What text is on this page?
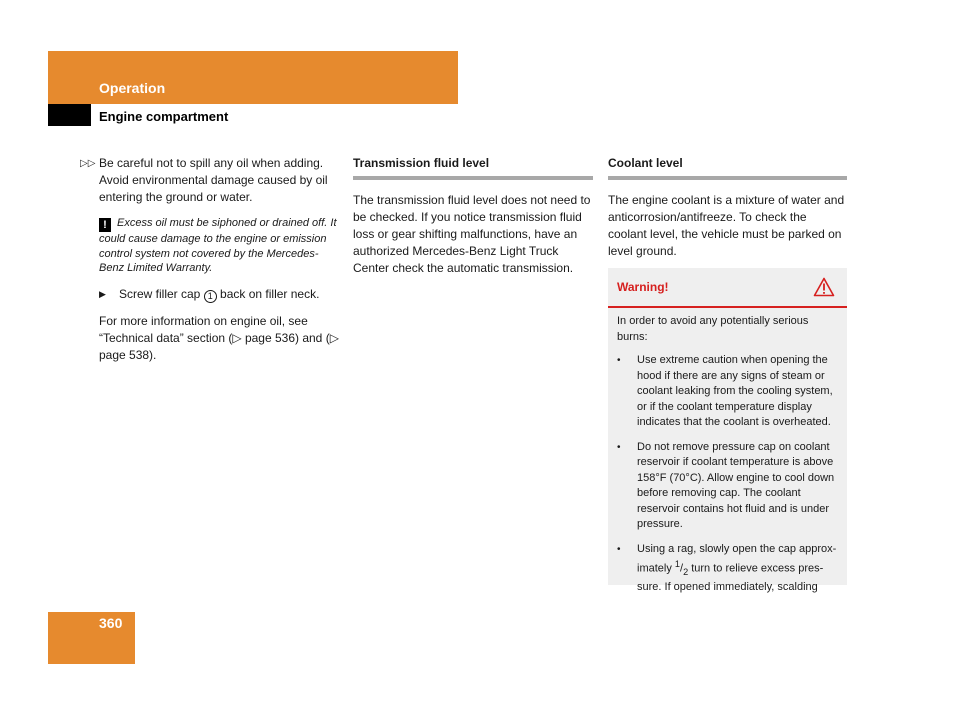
Operation
Engine compartment
▷▷ Be careful not to spill any oil when adding. Avoid environmental damage caused by oil entering the ground or water.
! Excess oil must be siphoned or drained off. It could cause damage to the engine or emission control system not covered by the Mercedes-Benz Limited Warranty.
▶	Screw filler cap 1 back on filler neck.
For more information on engine oil, see “Technical data” section (▷ page 536) and (▷ page 538).
Transmission fluid level
The transmission fluid level does not need to be checked. If you notice transmission fluid loss or gear shifting malfunctions, have an authorized Mercedes-Benz Light Truck Center check the automatic transmission.
Coolant level
The engine coolant is a mixture of water and anticorrosion/antifreeze. To check the coolant level, the vehicle must be parked on level ground.
Warning!
In order to avoid any potentially serious burns:
•	Use extreme caution when opening the hood if there are any signs of steam or coolant leaking from the cooling system, or if the coolant temperature display indicates that the coolant is overheated.
•	Do not remove pressure cap on coolant reservoir if coolant temperature is above 158°F (70°C). Allow engine to cool down before removing cap. The coolant reservoir contains hot fluid and is under pressure.
•	Using a rag, slowly open the cap approximately $^1/_2$ turn to relieve excess pressure. If opened immediately, scalding
360
